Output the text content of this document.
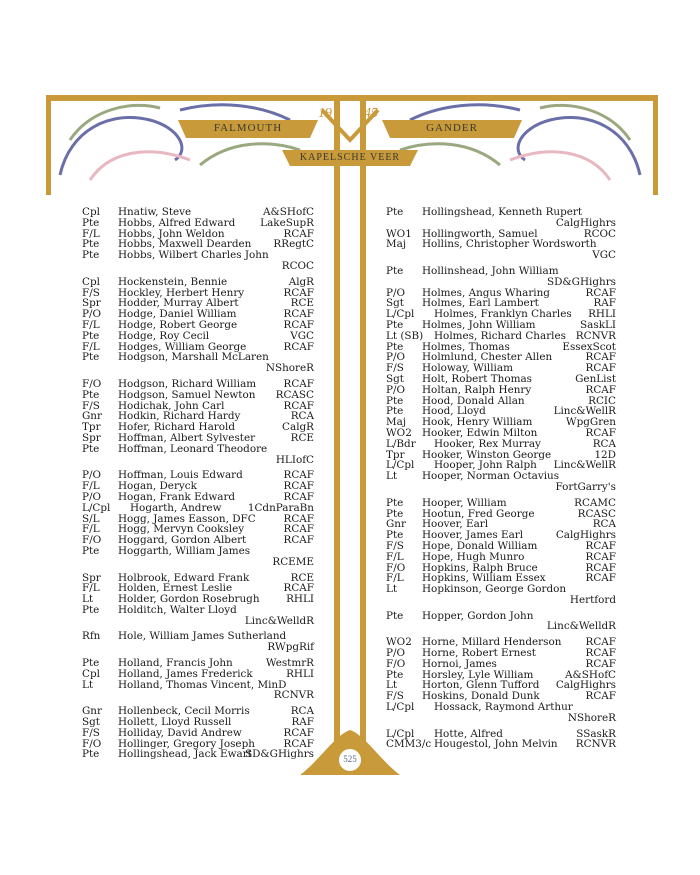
19 45
FALMOUTH	GANDER
KAPELSCHE VEER
Cpl	Hnatiw, Steve	A&SHofC
Pte	Hobbs, Alfred Edward LakeSupR
F/L	Hobbs, John Weldon	RCAF
Pte	Hobbs, Maxwell Dearden RRegtC
Pte	Hobbs, Wilbert Charles John
RCOC
Cpl	Hockenstein, Bennie	AlgR
F/S	Hockley, Herbert Henry	RCAF
Spr	Hodder, Murray Albert	RCE
P/O	Hodge, Daniel William	RCAF
F/L	Hodge, Robert George	RCAF
Pte	Hodge, Roy Cecil	VGC
F/L	Hodges, William George	RCAF
Pte	Hodgson, Marshall McLaren
NShoreR
F/O	Hodgson, Richard William	RCAF
Pte	Hodgson, Samuel Newton RCASC
F/S	Hodichak, John Carl	RCAF
Gnr	Hodkin, Richard Hardy	RCA
Tpr	Hofer, Richard Harold	CalgR
Spr	Hoffman, Albert Sylvester	RCE
Pte	Hoffman, Leonard Theodore
HLIofC
P/O	Hoffman, Louis Edward	RCAF
F/L	Hogan, Deryck	RCAF
P/O	Hogan, Frank Edward	RCAF
L/Cpl	Hogarth, Andrew	1CdnParaBn
S/L	Hogg, James Easson, DFC	RCAF
F/L	Hogg, Mervyn Cooksley	RCAF
F/O	Hoggard, Gordon Albert	RCAF
Pte	Hoggarth, William James
RCEME
Spr	Holbrook, Edward Frank	RCE
F/L	Holden, Ernest Leslie	RCAF
Lt	Holder, Gordon Rosebrugh	RHLI
Pte	Holditch, Walter Lloyd
Linc&WelldR
Rfn	Hole, William James Sutherland
RWpgRif
Pte	Holland, Francis John	WestmrR
Cpl	Holland, James Frederick	RHLI
Lt	Holland, Thomas Vincent, MinD
RCNVR
Gnr	Hollenbeck, Cecil Morris	RCA
Sgt	Hollett, Lloyd Russell	RAF
F/S	Holliday, David Andrew	RCAF
F/O	Hollinger, Gregory Joseph	RCAF
Pte	Hollingshead, Jack Ewart
SD&GHighrs
Pte	Hollingshead, Kenneth Rupert
CalgHighrs
WO1 Hollingworth, Samuel	RCOC
Maj	Hollins, Christopher Wordsworth
VGC
Pte	Hollinshead, John William
SD&GHighrs
P/O	Holmes, Angus Wharing	RCAF
Sgt	Holmes, Earl Lambert	RAF
L/Cpl	Holmes, Franklyn Charles RHLI
Pte	Holmes, John William	SaskLI
Lt (SB)	Holmes, Richard Charles RCNVR
Pte	Holmes, Thomas	EssexScot
P/O	Holmlund, Chester Allen	RCAF
F/S	Holoway, William	RCAF
Sgt	Holt, Robert Thomas	GenList
P/O	Holtan, Ralph Henry	RCAF
Pte	Hood, Donald Allan	RCIC
Pte	Hood, Lloyd	Linc&WellR
Maj	Hook, Henry William	WpgGren
WO2 Hooker, Edwin Milton	RCAF
L/Bdr	Hooker, Rex Murray	RCA
Tpr	Hooker, Winston George	12D
L/Cpl	Hooper, John Ralph Linc&WellR
Lt	Hooper, Norman Octavius
FortGarry's
Pte	Hooper, William	RCAMC
Pte	Hootun, Fred George	RCASC
Gnr	Hoover, Earl	RCA
Pte	Hoover, James Earl	CalgHighrs
F/S	Hope, Donald William	RCAF
F/L	Hope, Hugh Munro	RCAF
F/O	Hopkins, Ralph Bruce	RCAF
F/L	Hopkins, William Essex	RCAF
Lt	Hopkinson, George Gordon
Hertford
Pte	Hopper, Gordon John
Linc&WelldR
WO2 Horne, Millard Henderson RCAF
P/O	Horne, Robert Ernest	RCAF
F/O	Hornoi, James	RCAF
Pte	Horsley, Lyle William	A&SHofC
Lt	Horton, Glenn Tufford CalgHighrs
F/S	Hoskins, Donald Dunk	RCAF
L/Cpl	Hossack, Raymond Arthur
NShoreR
L/Cpl	Hotte, Alfred	SSaskR
CMM3/c Hougestol, John Melvin RCNVR
525
